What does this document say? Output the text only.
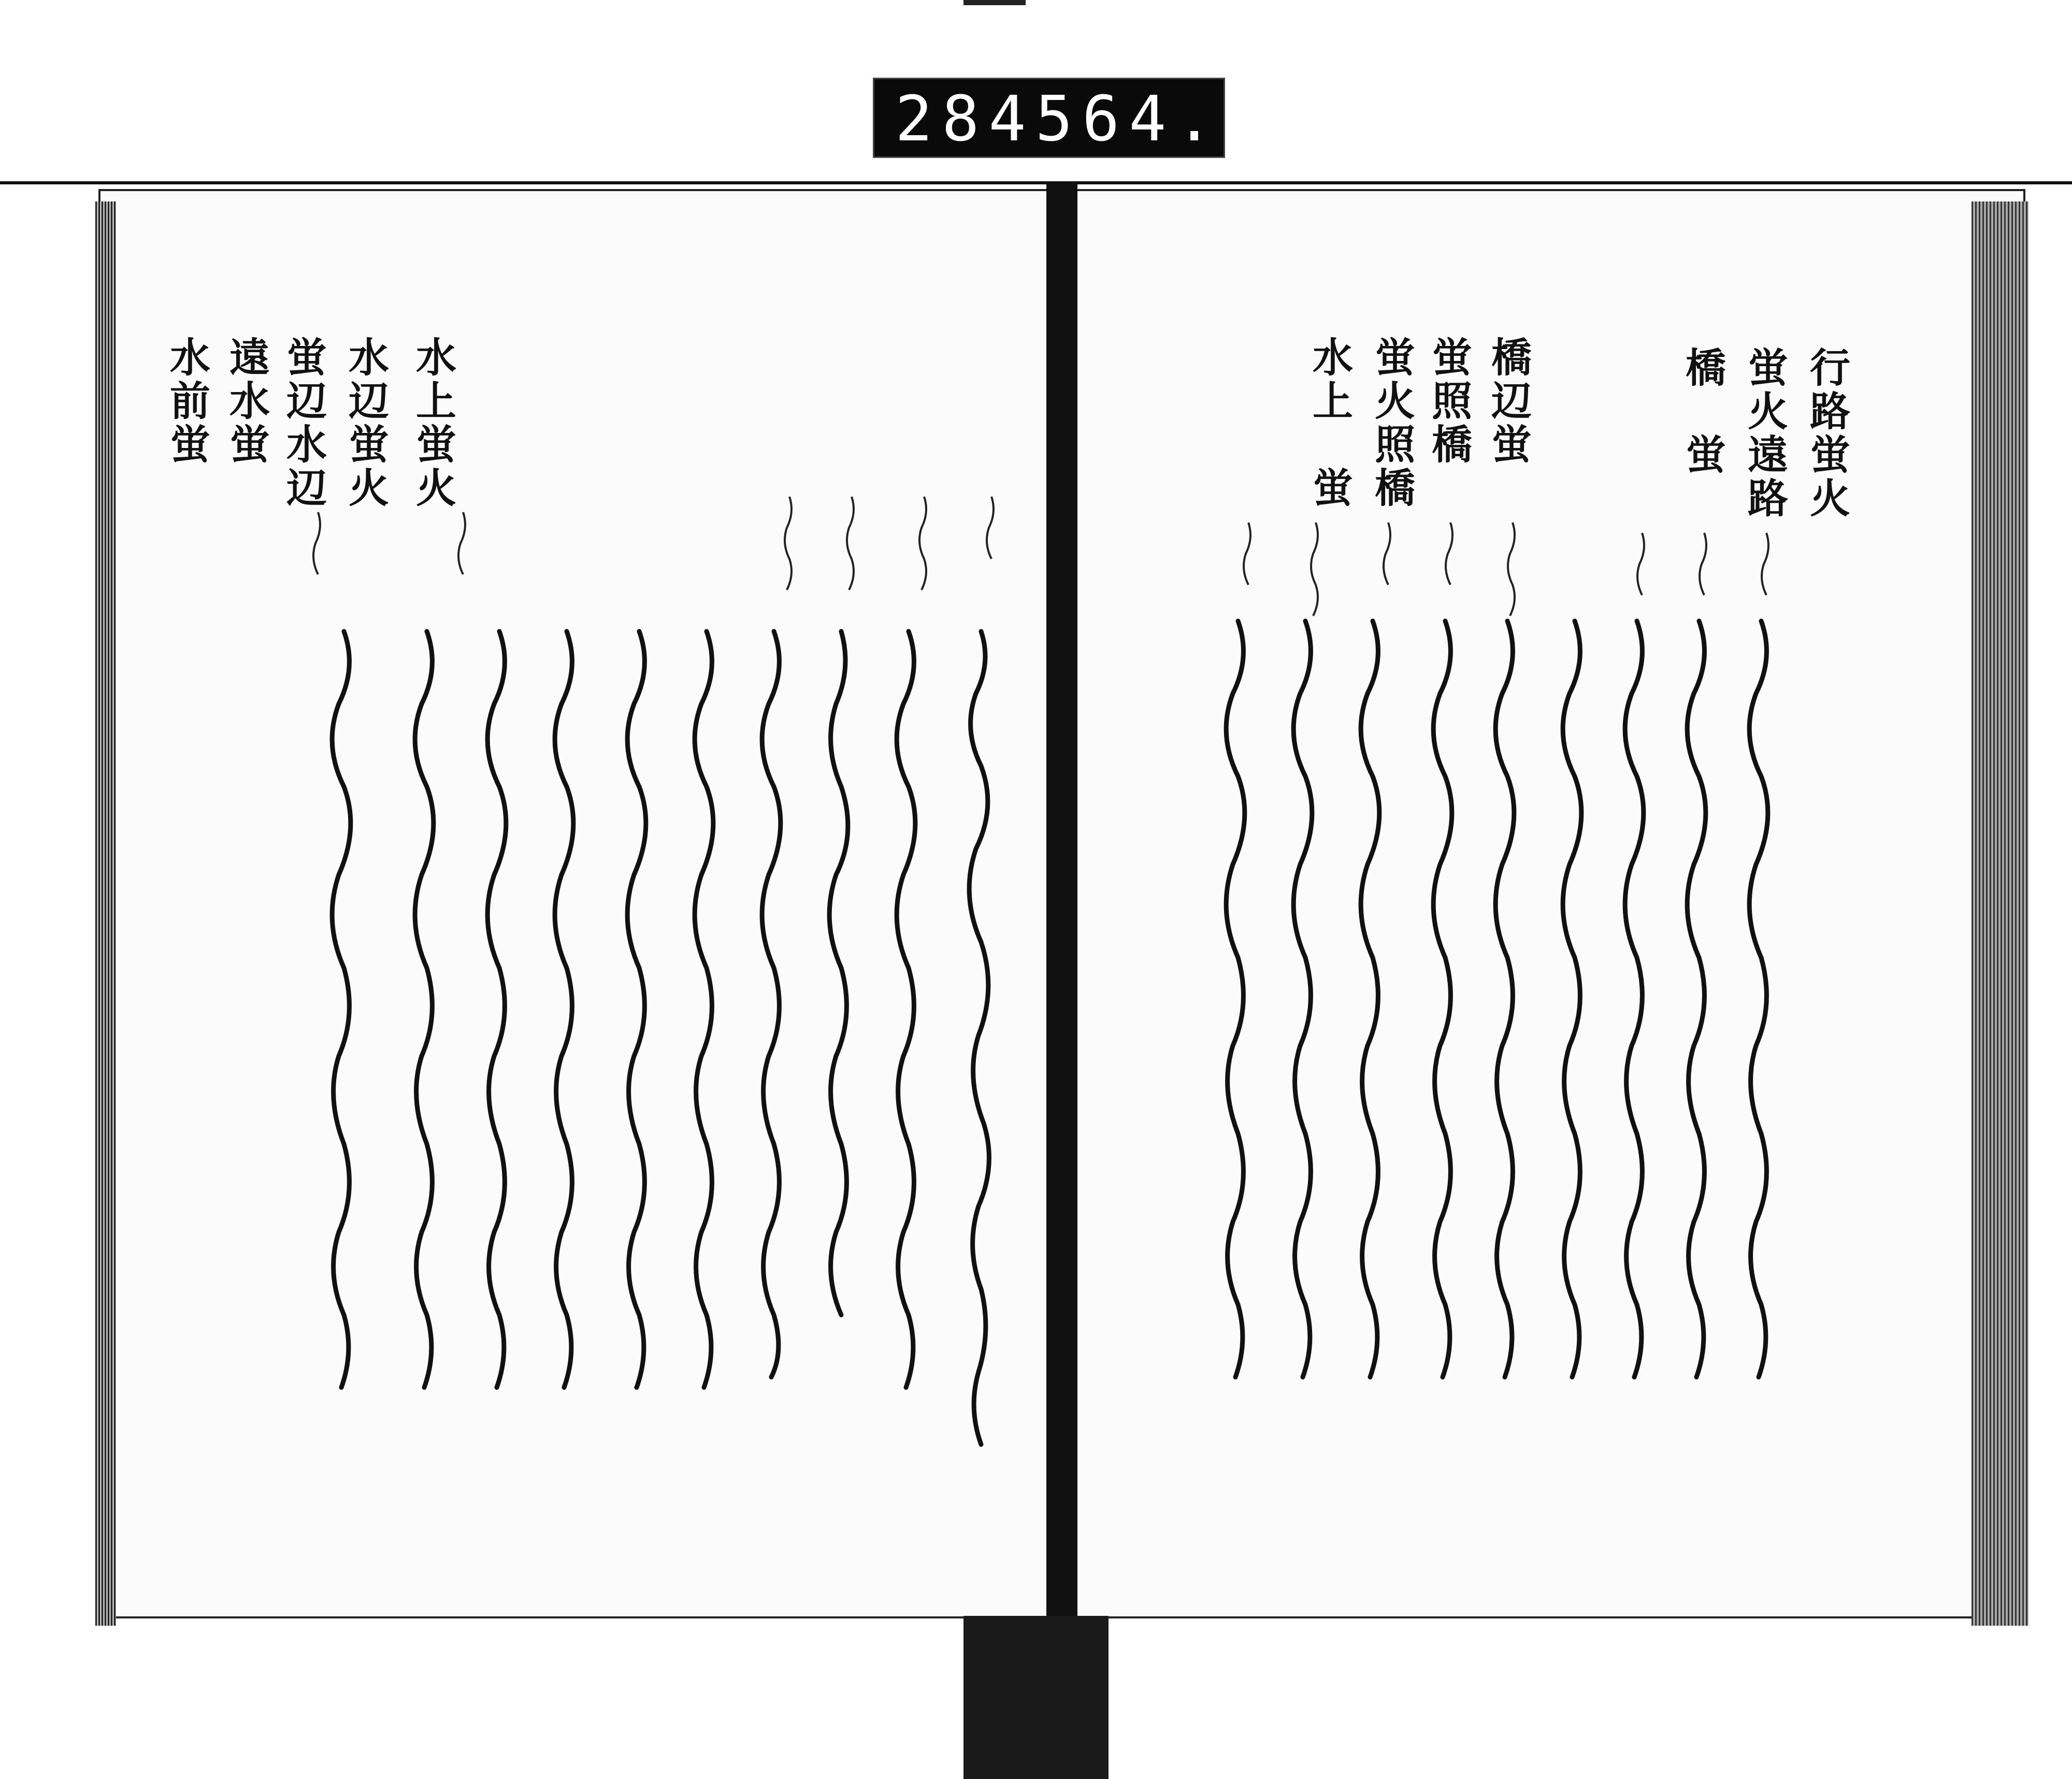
284 564.
水上蛍火
水辺蛍火
蛍辺水辺
遠水蛍
水前蛍	行路蛍火
蛍火遠路
橋　蛍
橋辺蛍
蛍照橋
蛍火照橋
水上　蛍
